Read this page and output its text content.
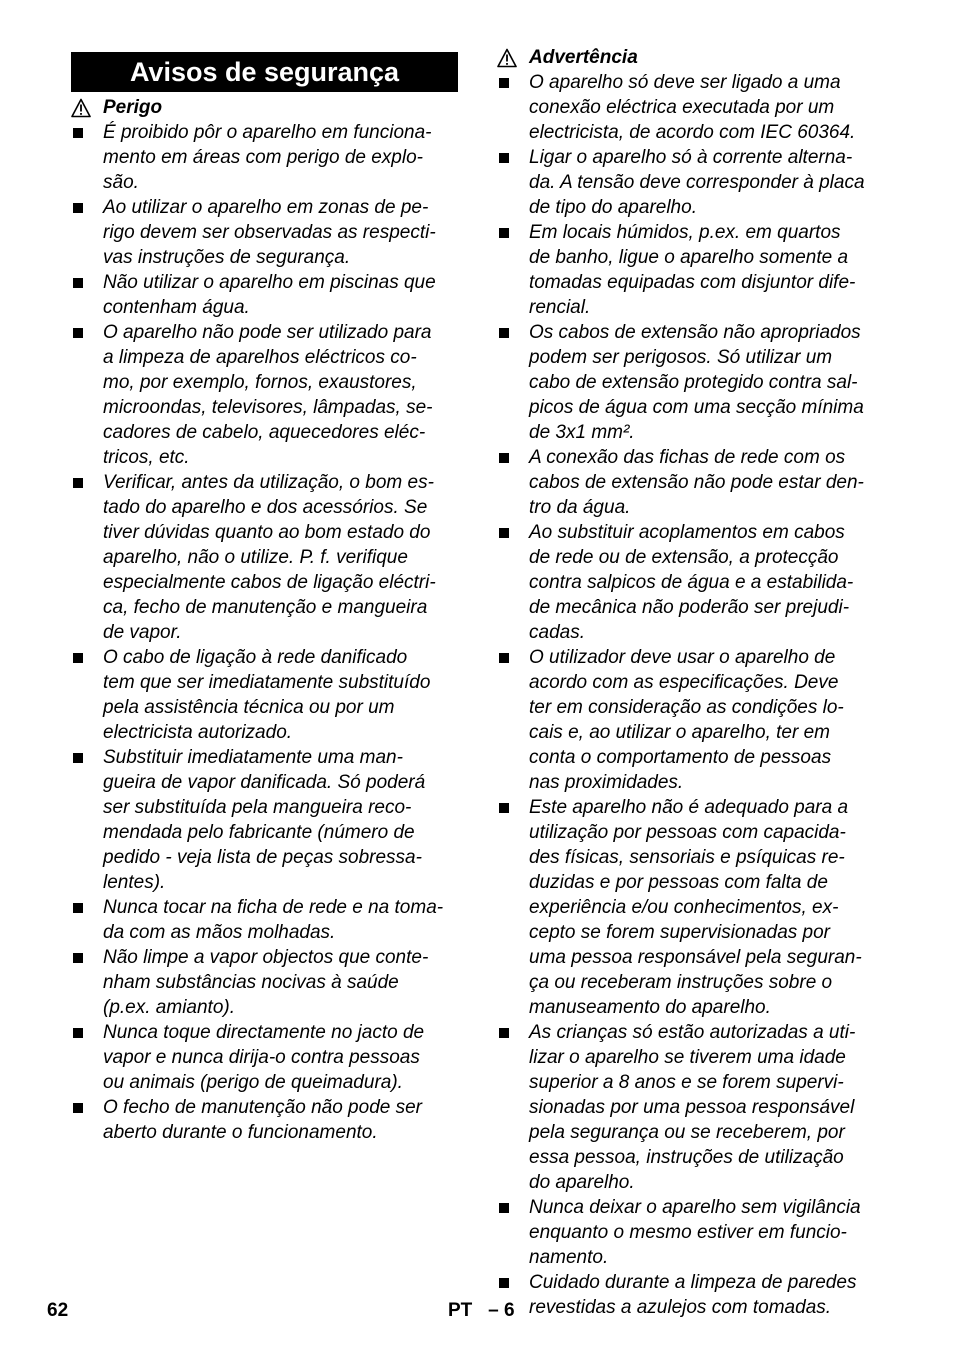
Avisos de segurança
Perigo
É proibido pôr o aparelho em funciona-
mento em áreas com perigo de explo-
são.
Ao utilizar o aparelho em zonas de pe-
rigo devem ser observadas as respecti-
vas instruções de segurança.
Não utilizar o aparelho em piscinas que
contenham água.
O aparelho não pode ser utilizado para
a limpeza de aparelhos eléctricos co-
mo, por exemplo, fornos, exaustores,
microondas, televisores, lâmpadas, se-
cadores de cabelo, aquecedores eléc-
tricos, etc.
Verificar, antes da utilização, o bom es-
tado do aparelho e dos acessórios. Se
tiver dúvidas quanto ao bom estado do
aparelho, não o utilize. P. f. verifique
especialmente cabos de ligação eléctri-
ca, fecho de manutenção e mangueira
de vapor.
O cabo de ligação à rede danificado
tem que ser imediatamente substituído
pela assistência técnica ou por um
electricista autorizado.
Substituir imediatamente uma man-
gueira de vapor danificada. Só poderá
ser substituída pela mangueira reco-
mendada pelo fabricante (número de
pedido - veja lista de peças sobressa-
lentes).
Nunca tocar na ficha de rede e na toma-
da com as mãos molhadas.
Não limpe a vapor objectos que conte-
nham substâncias nocivas à saúde
(p.ex. amianto).
Nunca toque directamente no jacto de
vapor e nunca dirija-o contra pessoas
ou animais (perigo de queimadura).
O fecho de manutenção não pode ser
aberto durante o funcionamento.
Advertência
O aparelho só deve ser ligado a uma
conexão eléctrica executada por um
electricista, de acordo com IEC 60364.
Ligar o aparelho só à corrente alterna-
da. A tensão deve corresponder à placa
de tipo do aparelho.
Em locais húmidos, p.ex. em quartos
de banho, ligue o aparelho somente a
tomadas equipadas com disjuntor dife-
rencial.
Os cabos de extensão não apropriados
podem ser perigosos. Só utilizar um
cabo de extensão protegido contra sal-
picos de água com uma secção mínima
de 3x1 mm².
A conexão das fichas de rede com os
cabos de extensão não pode estar den-
tro da água.
Ao substituir acoplamentos em cabos
de rede ou de extensão, a protecção
contra salpicos de água e a estabilida-
de mecânica não poderão ser prejudi-
cadas.
O utilizador deve usar o aparelho de
acordo com as especificações. Deve
ter em consideração as condições lo-
cais e, ao utilizar o aparelho, ter em
conta o comportamento de pessoas
nas proximidades.
Este aparelho não é adequado para a
utilização por pessoas com capacida-
des físicas, sensoriais e psíquicas re-
duzidas e por pessoas com falta de
experiência e/ou conhecimentos, ex-
cepto se forem supervisionadas por
uma pessoa responsável pela seguran-
ça ou receberam instruções sobre o
manuseamento do aparelho.
As crianças só estão autorizadas a uti-
lizar o aparelho se tiverem uma idade
superior a 8 anos e se forem supervi-
sionadas por uma pessoa responsável
pela segurança ou se receberem, por
essa pessoa, instruções de utilização
do aparelho.
Nunca deixar o aparelho sem vigilância
enquanto o mesmo estiver em funcio-
namento.
Cuidado durante a limpeza de paredes
revestidas a azulejos com tomadas.
62	PT   – 6
